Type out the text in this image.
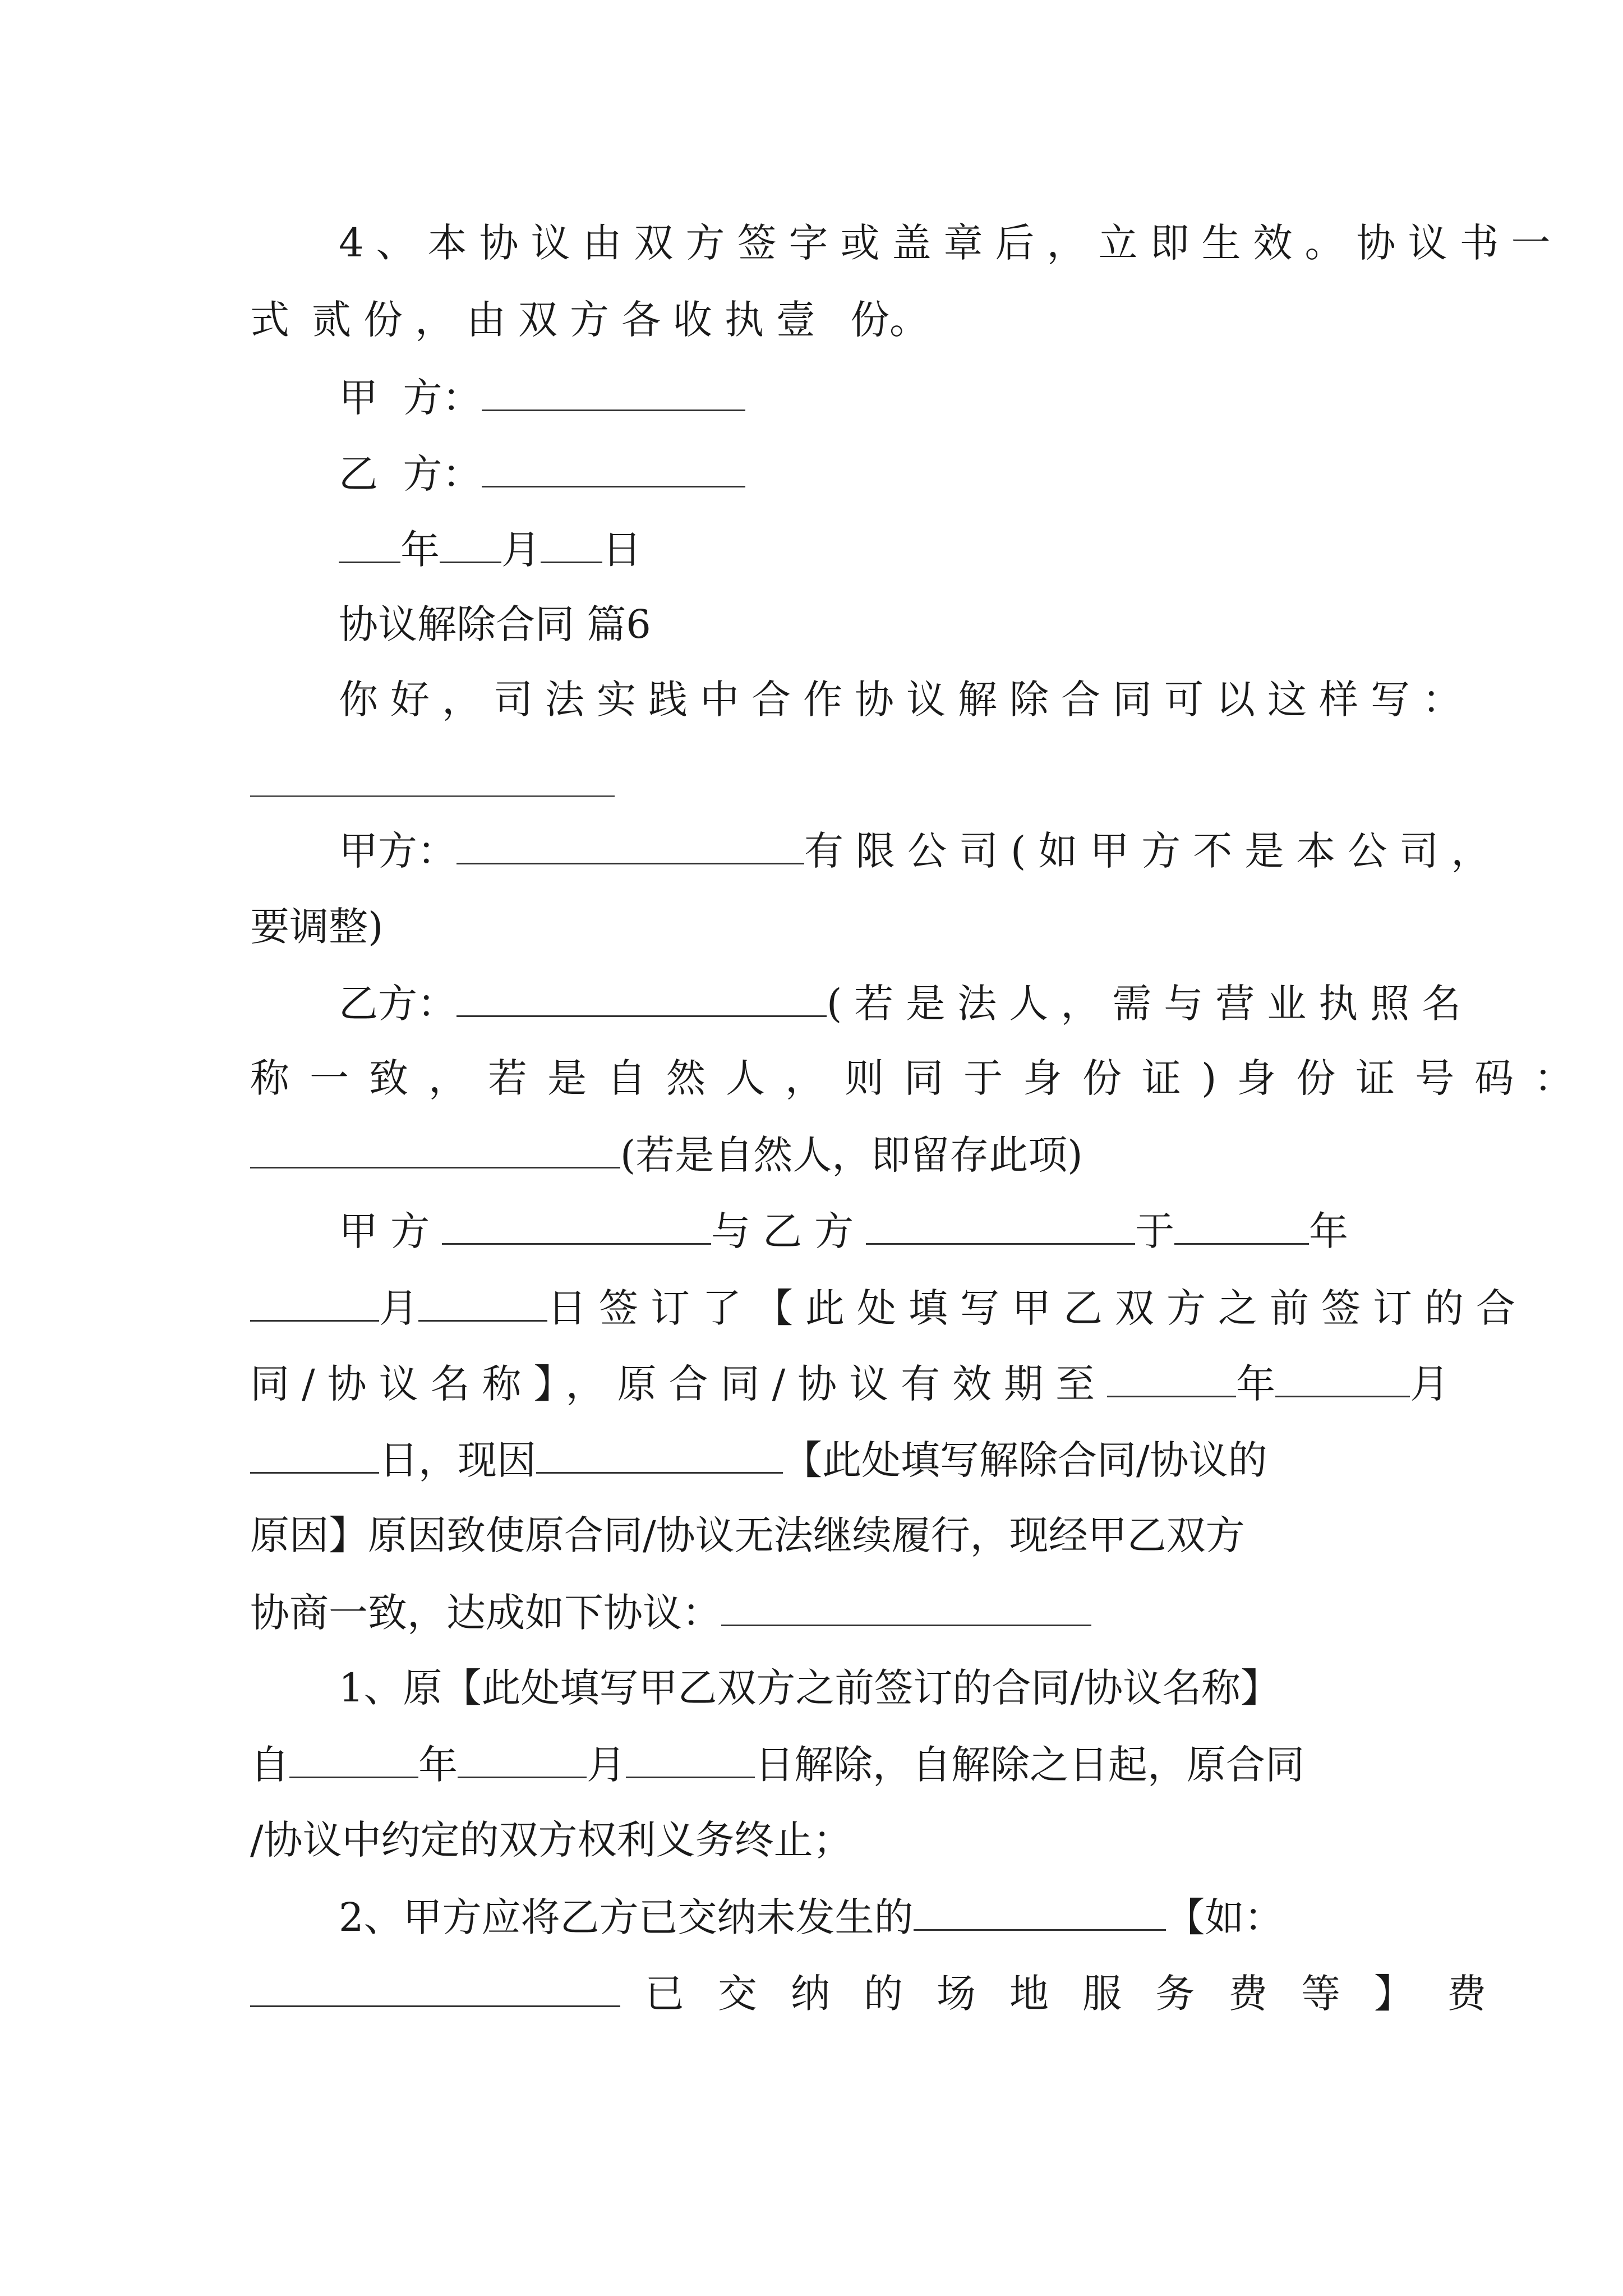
4、本协议由双方签字或盖章后，立即生效。协议书一
式 贰份，由双方各收执壹 份。
甲  方：
乙  方：
年 月 日
协议解除合同 篇6
你好，司法实践中合作协议解除合同可以这样写：
甲方：	有限公司(如甲方不是本公司，
要调整)
乙方：	(若是法人，需与营业执照名
称一致，若是自然人，则同于身份证)身份证号码：
(若是自然人，即留存此项)
甲方	与乙方	于	年
月	日签订了【此处填写甲乙双方之前签订的合
同/协议名称】，原合同/协议有效期至	年	月
日，现因	【此处填写解除合同/协议的
原因】原因致使原合同/协议无法继续履行，现经甲乙双方
协商一致，达成如下协议：
1、原【此处填写甲乙双方之前签订的合同/协议名称】
自	年	月	日解除，自解除之日起，原合同
/协议中约定的双方权利义务终止；
2、甲方应将乙方已交纳未发生的	【如：
已交纳的场地服务费等】费
